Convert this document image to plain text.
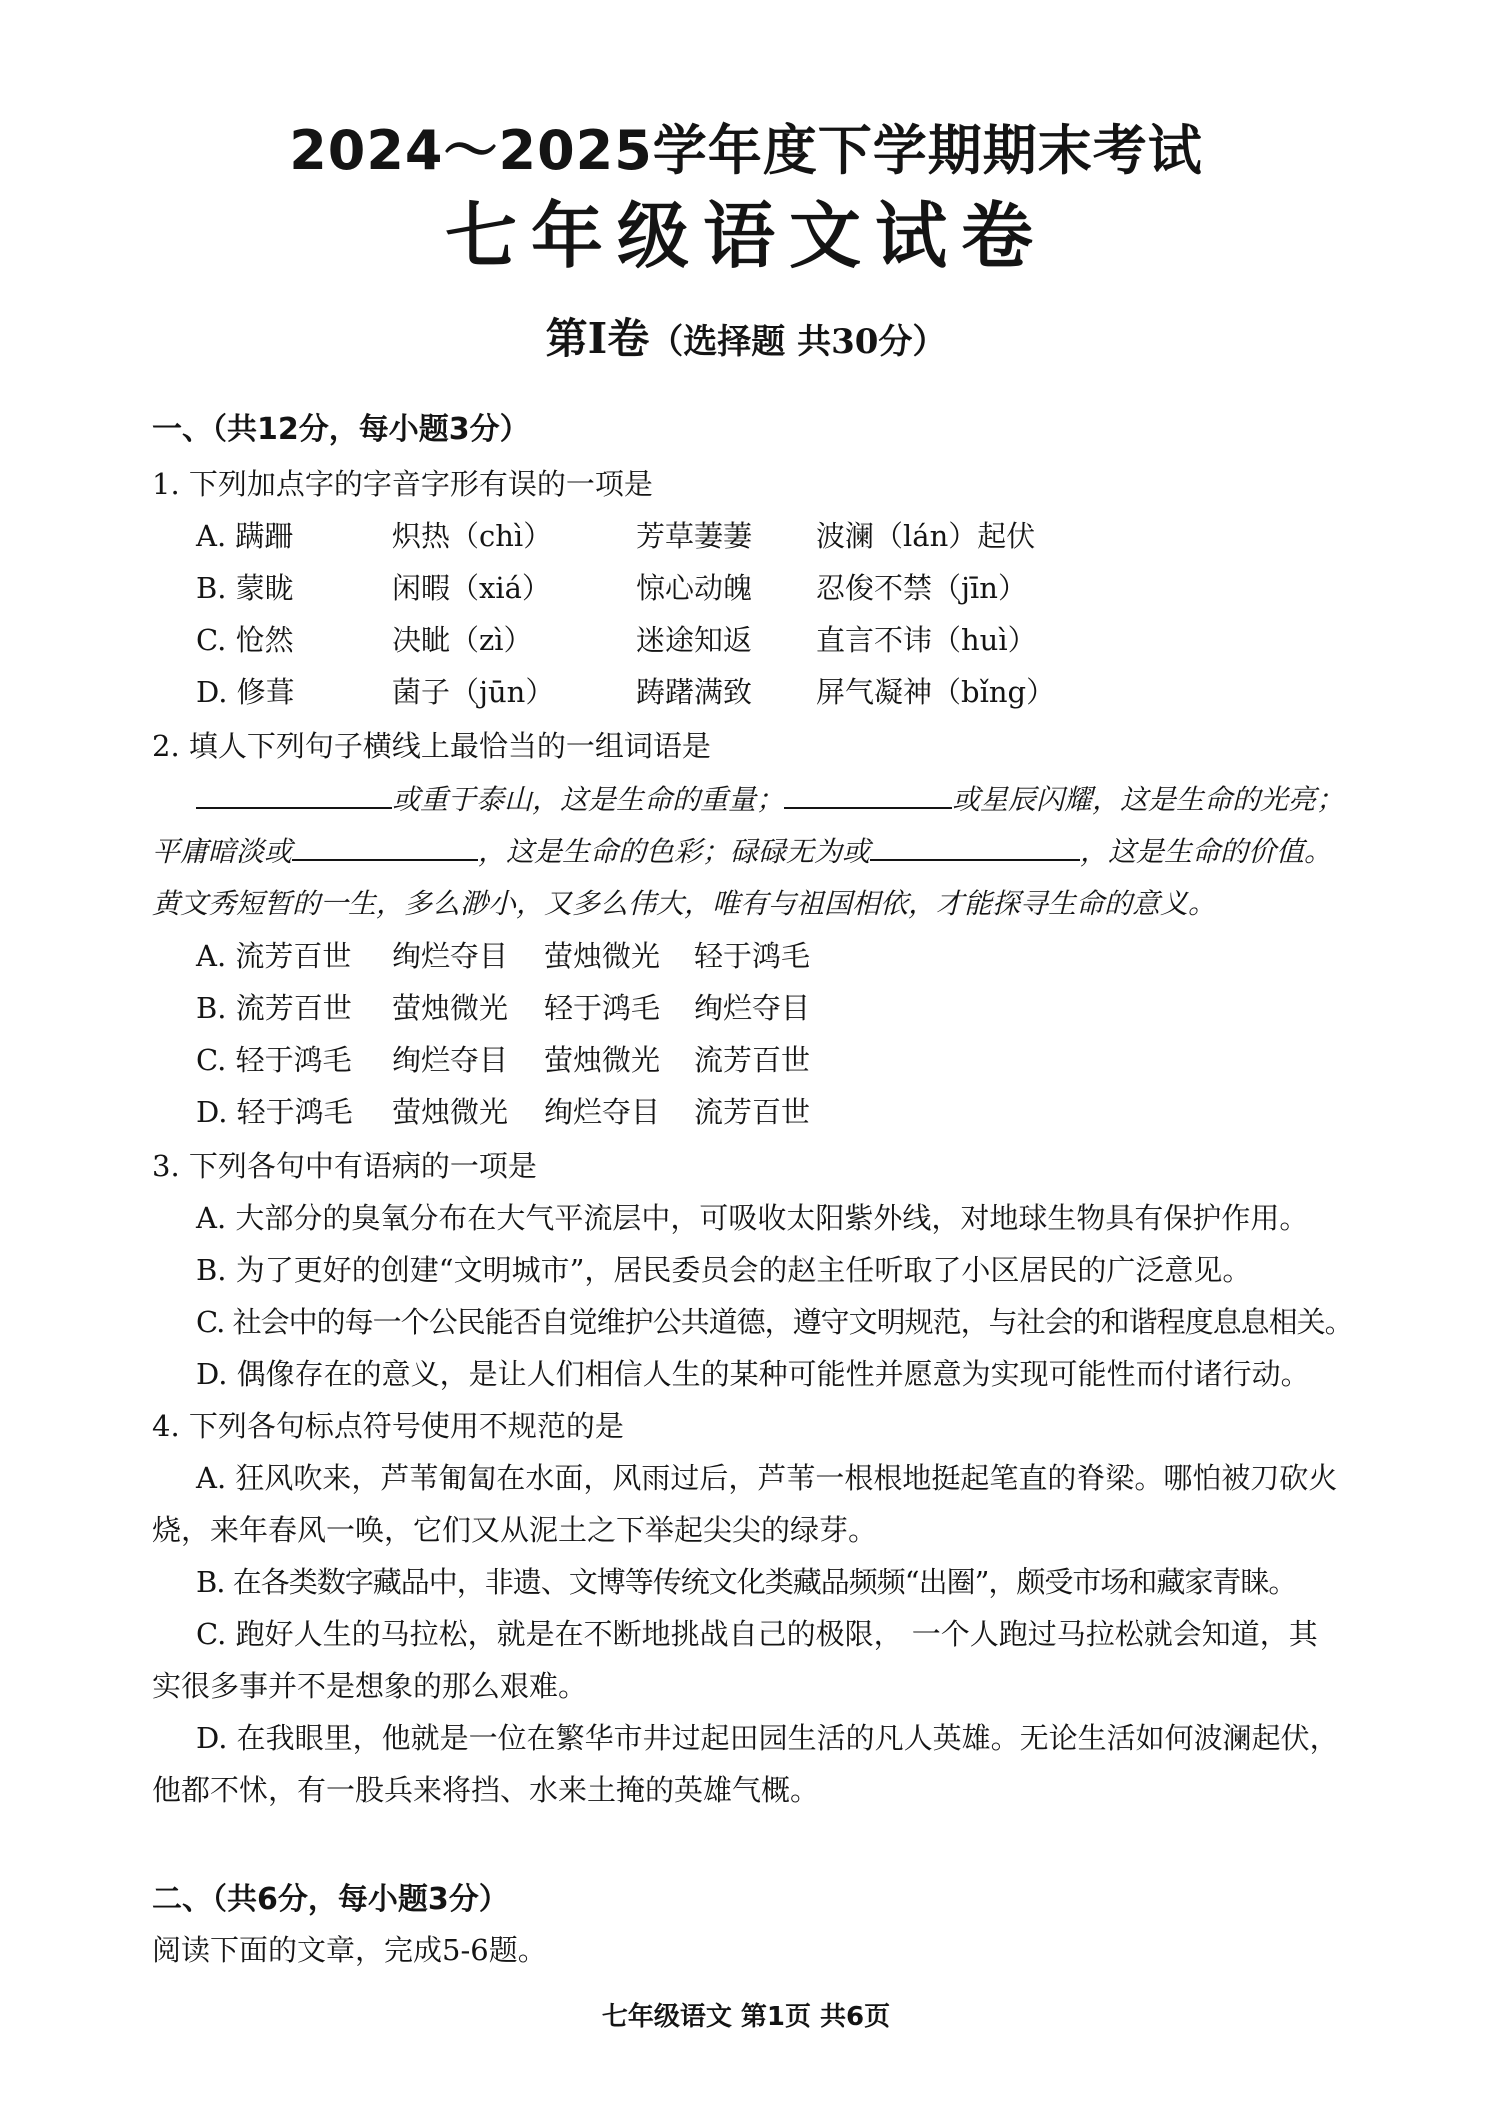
2024～2025学年度下学期期末考试
七年级语文试卷
第I卷（选择题 共30分）
一、（共12分，每小题3分）
1. 下列加点字的字音字形有误的一项是
A. 蹒跚	炽热（chì）	芳草萋萋 波澜（lán）起伏
B. 蒙眬	闲暇（xiá）	惊心动魄 忍俊不禁（jīn）
C. 怆然	决眦（zì）	迷途知返 直言不讳（huì）
D. 修葺	菌子（jūn）	踌躇满致 屏气凝神（bǐng）
2. 填人下列句子横线上最恰当的一组词语是
或重于泰山，这是生命的重量；	或星辰闪耀，这是生命的光亮；
平庸暗淡或	，这是生命的色彩；碌碌无为或	，这是生命的价值。
黄文秀短暂的一生，多么渺小，又多么伟大，唯有与祖国相依，才能探寻生命的意义。
A. 流芳百世 绚烂夺目 萤烛微光 轻于鸿毛
B. 流芳百世 萤烛微光 轻于鸿毛 绚烂夺目
C. 轻于鸿毛 绚烂夺目 萤烛微光 流芳百世
D. 轻于鸿毛 萤烛微光 绚烂夺目 流芳百世
3. 下列各句中有语病的一项是
A. 大部分的臭氧分布在大气平流层中，可吸收太阳紫外线，对地球生物具有保护作用。
B. 为了更好的创建“文明城市”，居民委员会的赵主任听取了小区居民的广泛意见。
C. 社会中的每一个公民能否自觉维护公共道德，遵守文明规范，与社会的和谐程度息息相关。
D. 偶像存在的意义，是让人们相信人生的某种可能性并愿意为实现可能性而付诸行动。
4. 下列各句标点符号使用不规范的是
A. 狂风吹来，芦苇匍匐在水面，风雨过后，芦苇一根根地挺起笔直的脊梁。哪怕被刀砍火
烧，来年春风一唤，它们又从泥土之下举起尖尖的绿芽。
B. 在各类数字藏品中，非遗、文博等传统文化类藏品频频“出圈”，颇受市场和藏家青睐。
C. 跑好人生的马拉松，就是在不断地挑战自己的极限， 一个人跑过马拉松就会知道，其
实很多事并不是想象的那么艰难。
D. 在我眼里，他就是一位在繁华市井过起田园生活的凡人英雄。无论生活如何波澜起伏，
他都不怵，有一股兵来将挡、水来土掩的英雄气概。
二、（共6分，每小题3分）
阅读下面的文章，完成5-6题。
七年级语文 第1页 共6页
